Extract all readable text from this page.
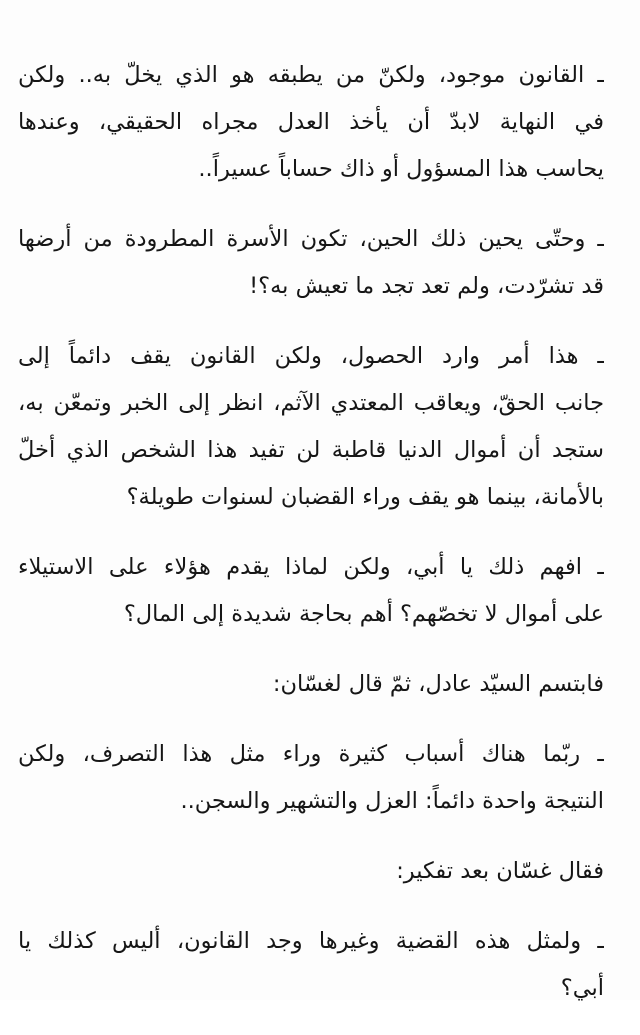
ـ القانون موجود، ولكنّ من يطبقه هو الذي يخلّ به.. ولكن
في النهاية لابدّ أن يأخذ العدل مجراه الحقيقي، وعندها
يحاسب هذا المسؤول أو ذاك حساباً عسيراً..

ـ وحتّى يحين ذلك الحين، تكون الأسرة المطرودة من أرضها
قد تشرّدت، ولم تعد تجد ما تعيش به؟!

ـ هذا أمر وارد الحصول، ولكن القانون يقف دائماً إلى
جانب الحقّ، ويعاقب المعتدي الآثم، انظر إلى الخبر وتمعّن به،
ستجد أن أموال الدنيا قاطبة لن تفيد هذا الشخص الذي أخلّ
بالأمانة، بينما هو يقف وراء القضبان لسنوات طويلة؟

ـ افهم ذلك يا أبي، ولكن لماذا يقدم هؤلاء على الاستيلاء
على أموال لا تخصّهم؟ أهم بحاجة شديدة إلى المال؟

فابتسم السيّد عادل، ثمّ قال لغسّان:

ـ ربّما هناك أسباب كثيرة وراء مثل هذا التصرف، ولكن
النتيجة واحدة دائماً: العزل والتشهير والسجن..

فقال غسّان بعد تفكير:

ـ ولمثل هذه القضية وغيرها وجد القانون، أليس كذلك يا
أبي؟
